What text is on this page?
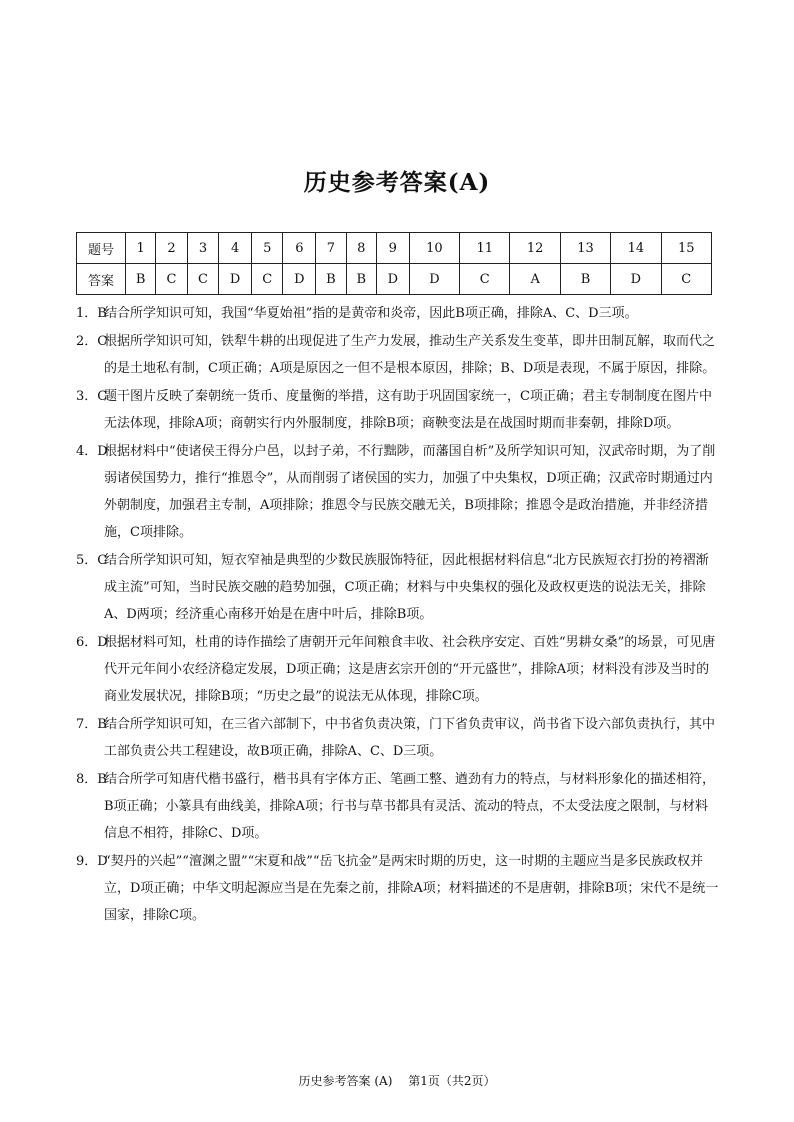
历史参考答案(A)
题号	1	2	3	4	5	6	7	8	9	10	11	12	13	14	15
答案	B	C	C	D	C	D	B	B	D	D	C	A	B	D	C
1．B
结合所学知识可知，我国“华夏始祖”指的是黄帝和炎帝，因此B项正确，排除A、C、D三项。
2．C
根据所学知识可知，铁犁牛耕的出现促进了生产力发展，推动生产关系发生变革，即井田制瓦解，取而代之的是土地私有制，C项正确；A项是原因之一但不是根本原因，排除；B、D项是表现，不属于原因，排除。
3．C
题干图片反映了秦朝统一货币、度量衡的举措，这有助于巩固国家统一，C项正确；君主专制制度在图片中无法体现，排除A项；商朝实行内外服制度，排除B项；商鞅变法是在战国时期而非秦朝，排除D项。
4．D
根据材料中“使诸侯王得分户邑，以封子弟，不行黜陟，而藩国自析”及所学知识可知，汉武帝时期，为了削弱诸侯国势力，推行“推恩令”，从而削弱了诸侯国的实力，加强了中央集权，D项正确；汉武帝时期通过内外朝制度，加强君主专制，A项排除；推恩令与民族交融无关，B项排除；推恩令是政治措施，并非经济措施，C项排除。
5．C
结合所学知识可知，短衣窄袖是典型的少数民族服饰特征，因此根据材料信息“北方民族短衣打扮的袴褶渐成主流”可知，当时民族交融的趋势加强，C项正确；材料与中央集权的强化及政权更迭的说法无关，排除A、D两项；经济重心南移开始是在唐中叶后，排除B项。
6．D
根据材料可知，杜甫的诗作描绘了唐朝开元年间粮食丰收、社会秩序安定、百姓“男耕女桑”的场景，可见唐代开元年间小农经济稳定发展，D项正确；这是唐玄宗开创的“开元盛世”，排除A项；材料没有涉及当时的商业发展状况，排除B项；“历史之最”的说法无从体现，排除C项。
7．B
结合所学知识可知，在三省六部制下，中书省负责决策，门下省负责审议，尚书省下设六部负责执行，其中工部负责公共工程建设，故B项正确，排除A、C、D三项。
8．B
结合所学可知唐代楷书盛行，楷书具有字体方正、笔画工整、遒劲有力的特点，与材料形象化的描述相符，B项正确；小篆具有曲线美，排除A项；行书与草书都具有灵活、流动的特点，不太受法度之限制，与材料信息不相符，排除C、D项。
9．D
“契丹的兴起”“澶渊之盟”“宋夏和战”“岳飞抗金”是两宋时期的历史，这一时期的主题应当是多民族政权并立，D项正确；中华文明起源应当是在先秦之前，排除A项；材料描述的不是唐朝，排除B项；宋代不是统一国家，排除C项。
历史参考答案 (A)　 第1页（共2页）
